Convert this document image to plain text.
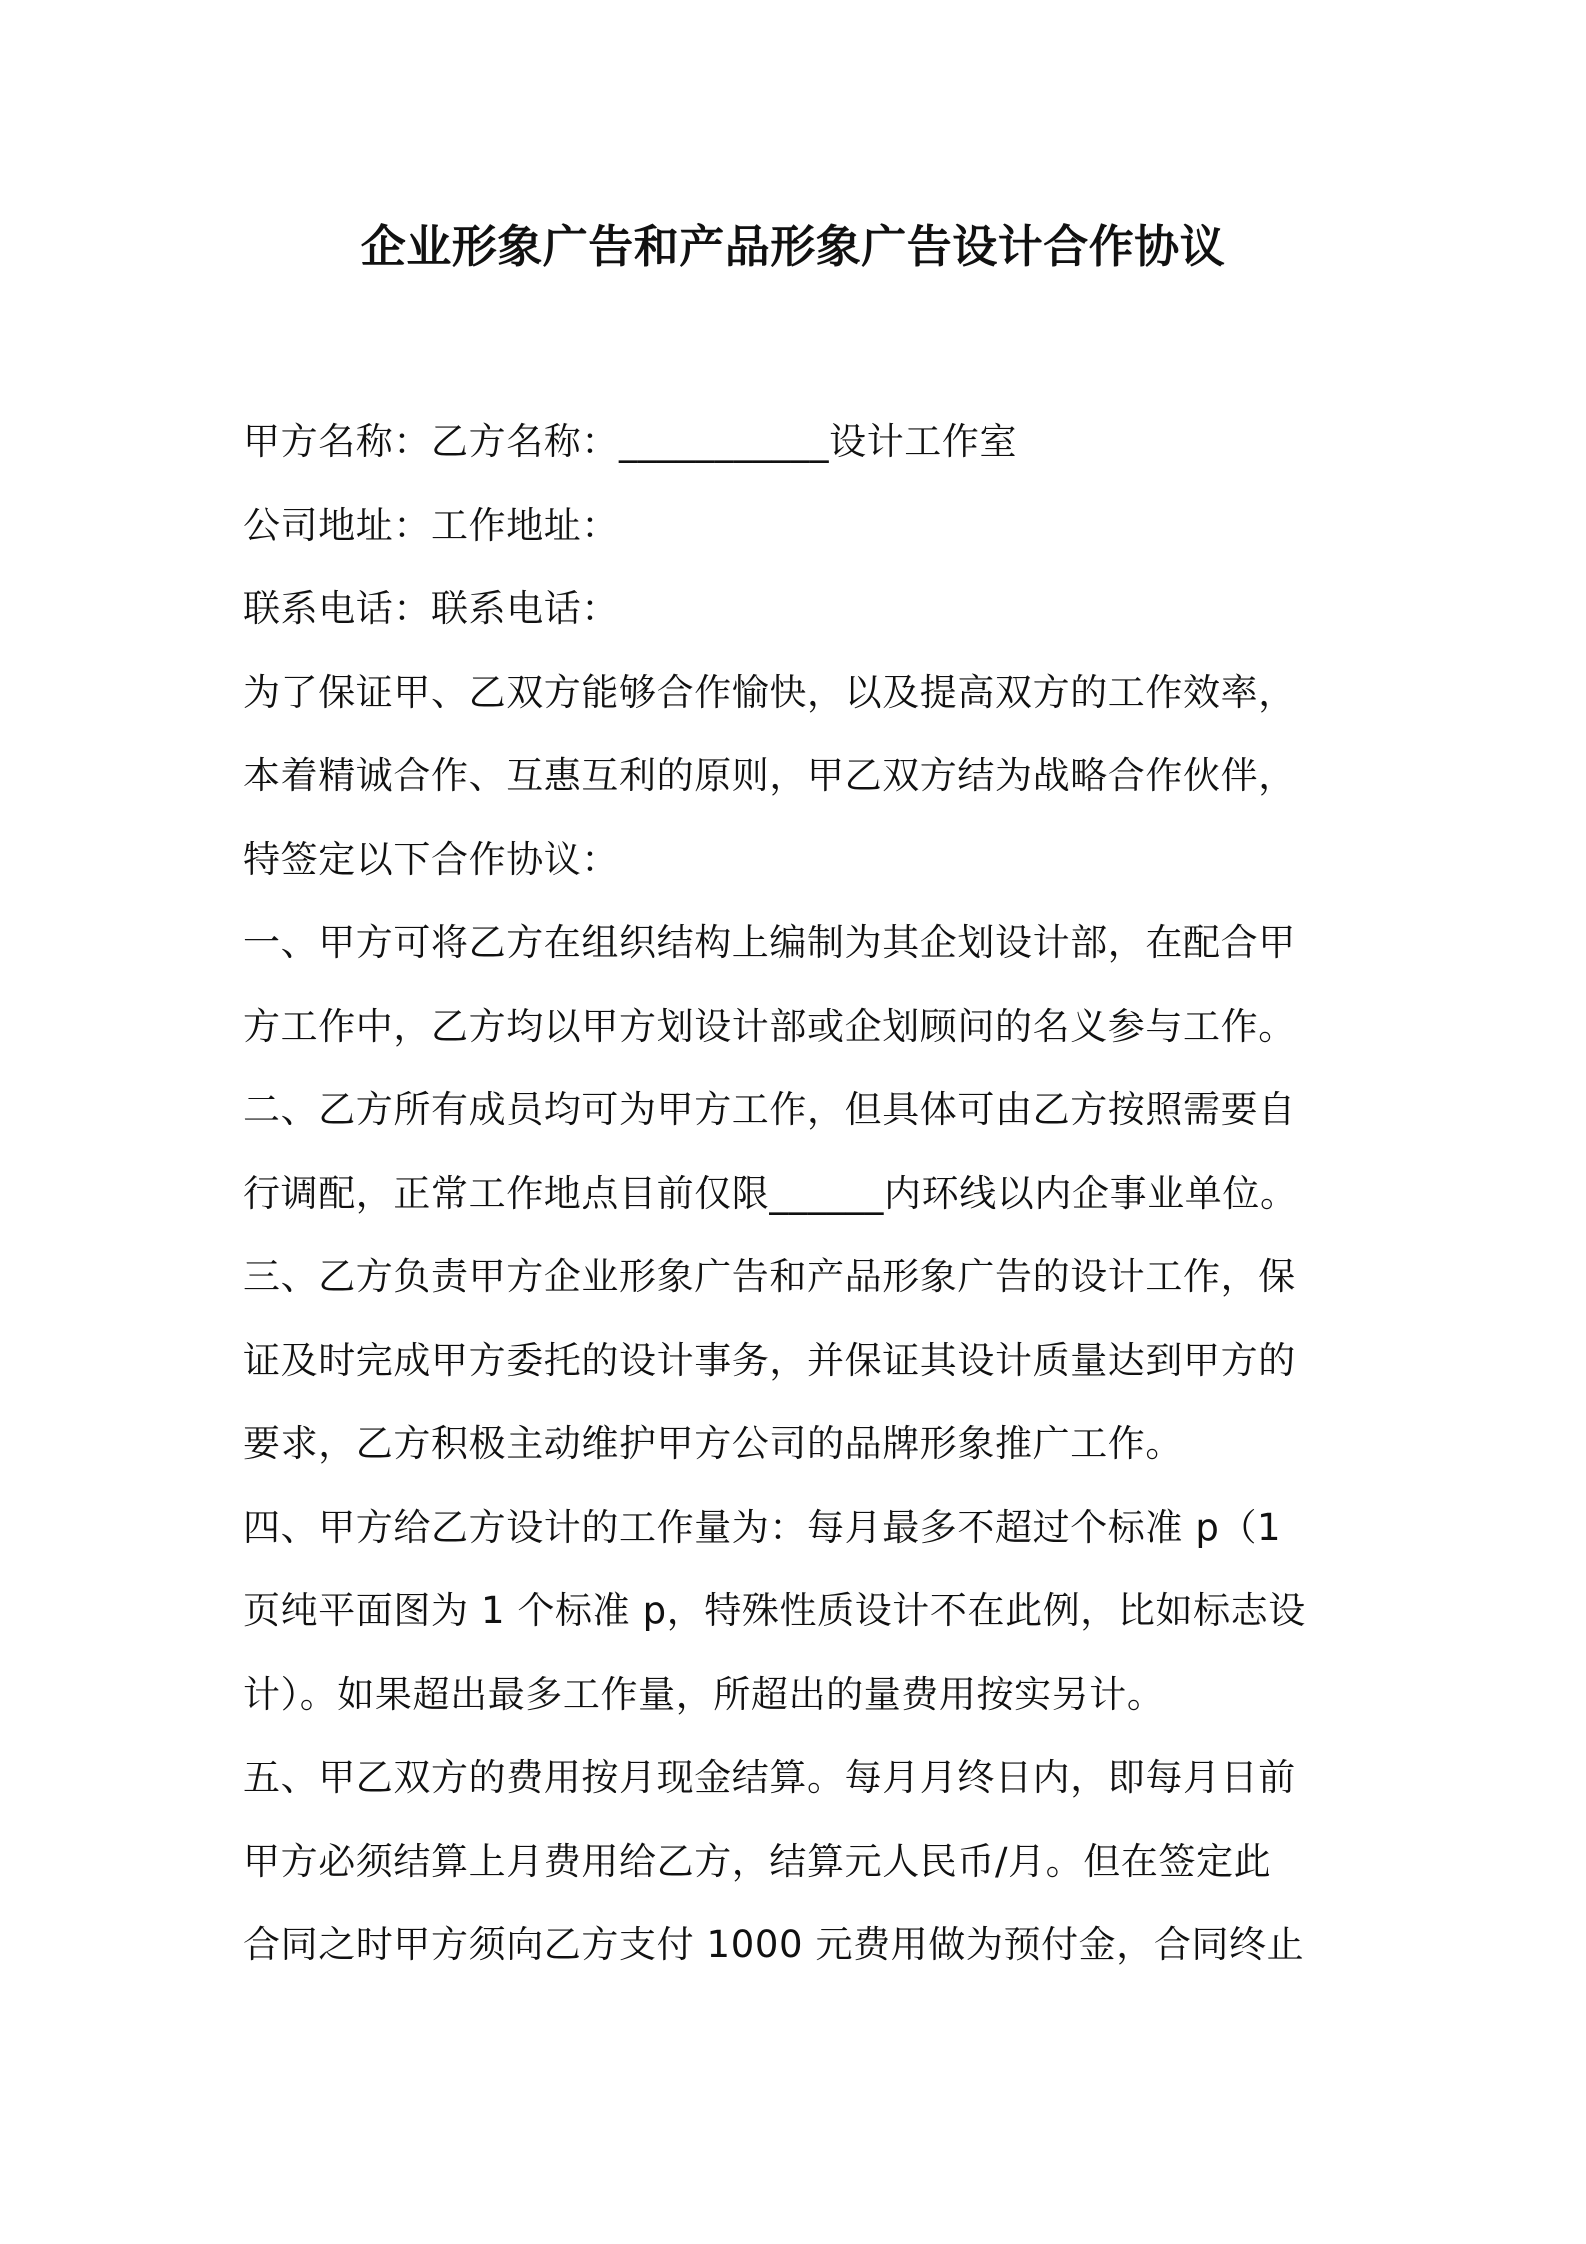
企业形象广告和产品形象广告设计合作协议
甲方名称：乙方名称：___________设计工作室
公司地址：工作地址：
联系电话：联系电话：
为了保证甲、乙双方能够合作愉快，以及提高双方的工作效率，
本着精诚合作、互惠互利的原则，甲乙双方结为战略合作伙伴，
特签定以下合作协议：
一、甲方可将乙方在组织结构上编制为其企划设计部，在配合甲
方工作中，乙方均以甲方划设计部或企划顾问的名义参与工作。
二、乙方所有成员均可为甲方工作，但具体可由乙方按照需要自
行调配，正常工作地点目前仅限______内环线以内企事业单位。
三、乙方负责甲方企业形象广告和产品形象广告的设计工作，保
证及时完成甲方委托的设计事务，并保证其设计质量达到甲方的
要求，乙方积极主动维护甲方公司的品牌形象推广工作。
四、甲方给乙方设计的工作量为：每月最多不超过个标准 p（1
页纯平面图为 1 个标准 p，特殊性质设计不在此例，比如标志设
计）。如果超出最多工作量，所超出的量费用按实另计。
五、甲乙双方的费用按月现金结算。每月月终日内，即每月日前
甲方必须结算上月费用给乙方，结算元人民币/月。但在签定此
合同之时甲方须向乙方支付 1000 元费用做为预付金，合同终止
